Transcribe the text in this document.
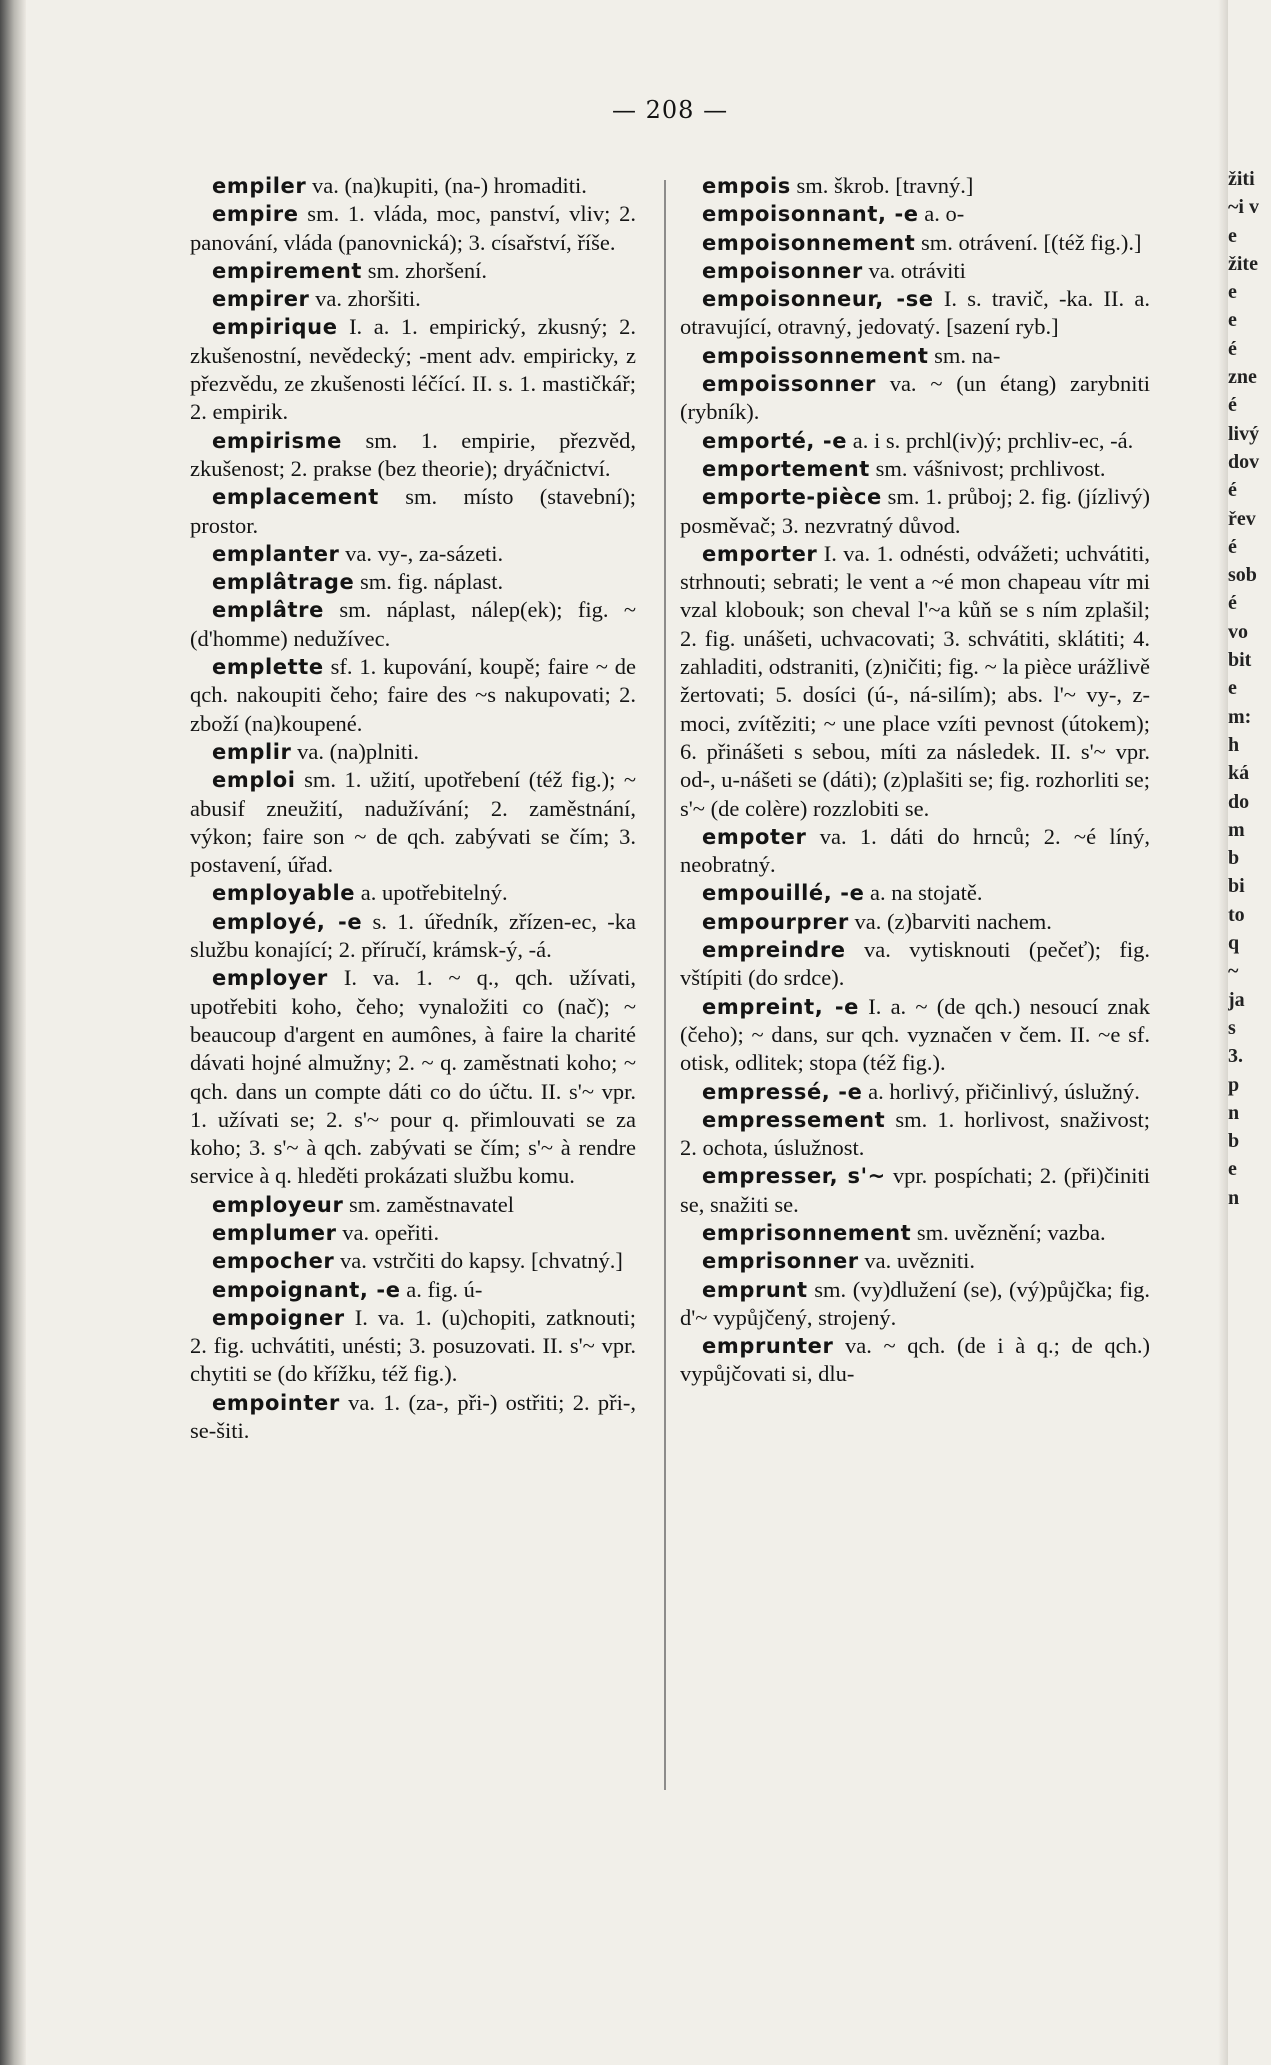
— 208 —

empiler va. (na)kupiti, (na-) hromaditi.

empire sm. 1. vláda, moc, panství, vliv; 2. panování, vláda (panovnická); 3. císařství, říše.

empirement sm. zhoršení.

empirer va. zhoršiti.

empirique I. a. 1. empirický, zkusný; 2. zkušenostní, nevědecký; -ment adv. empiricky, z přezvědu, ze zkušenosti léčící. II. s. 1. mastičkář; 2. empirik.

empirisme sm. 1. empirie, přezvěd, zkušenost; 2. prakse (bez theorie); dryáčnictví.

emplacement sm. místo (stavební); prostor.

emplanter va. vy-, za-sázeti.

emplâtrage sm. fig. náplast.

emplâtre sm. náplast, nálep(ek); fig. ~ (d'homme) nedužívec.

emplette sf. 1. kupování, koupě; faire ~ de qch. nakoupiti čeho; faire des ~s nakupovati; 2. zboží (na)koupené.

emplir va. (na)plniti.

emploi sm. 1. užití, upotřebení (též fig.); ~ abusif zneužití, nadužívání; 2. zaměstnání, výkon; faire son ~ de qch. zabývati se čím; 3. postavení, úřad.

employable a. upotřebitelný.

employé, -e s. 1. úředník, zřízen-ec, -ka službu konající; 2. příručí, krámsk-ý, -á.

employer I. va. 1. ~ q., qch. užívati, upotřebiti koho, čeho; vynaložiti co (nač); ~ beaucoup d'argent en aumônes, à faire la charité dávati hojné almužny; 2. ~ q. zaměstnati koho; ~ qch. dans un compte dáti co do účtu. II. s'~ vpr. 1. užívati se; 2. s'~ pour q. přimlouvati se za koho; 3. s'~ à qch. zabývati se čím; s'~ à rendre service à q. hleděti prokázati službu komu.

employeur sm. zaměstnavatel

emplumer va. opeřiti.

empocher va. vstrčiti do kapsy. [chvatný.]

empoignant, -e a. fig. ú-

empoigner I. va. 1. (u)chopiti, zatknouti; 2. fig. uchvátiti, unésti; 3. posuzovati. II. s'~ vpr. chytiti se (do křížku, též fig.).

empointer va. 1. (za-, při-) ostřiti; 2. při-, se-šiti.

empois sm. škrob. [travný.]

empoisonnant, -e a. o-

empoisonnement sm. otrávení. [(též fig.).]

empoisonner va. otráviti

empoisonneur, -se I. s. travič, -ka. II. a. otravující, otravný, jedovatý. [sazení ryb.]

empoissonnement sm. na-

empoissonner va. ~ (un étang) zarybniti (rybník).

emporté, -e a. i s. prchl(iv)ý; prchliv-ec, -á.

emportement sm. vášnivost; prchlivost.

emporte-pièce sm. 1. průboj; 2. fig. (jízlivý) posměvač; 3. nezvratný důvod.

emporter I. va. 1. odnésti, odvážeti; uchvátiti, strhnouti; sebrati; le vent a ~é mon chapeau vítr mi vzal klobouk; son cheval l'~a kůň se s ním zplašil; 2. fig. unášeti, uchvacovati; 3. schvátiti, sklátiti; 4. zahladiti, odstraniti, (z)ničiti; fig. ~ la pièce urážlivě žertovati; 5. dosíci (ú-, ná-silím); abs. l'~ vy-, z-moci, zvítěziti; ~ une place vzíti pevnost (útokem); 6. přinášeti s sebou, míti za následek. II. s'~ vpr. od-, u-nášeti se (dáti); (z)plašiti se; fig. rozhorliti se; s'~ (de colère) rozzlobiti se.

empoter va. 1. dáti do hrnců; 2. ~é líný, neobratný.

empouillé, -e a. na stojatě.

empourprer va. (z)barviti nachem.

empreindre va. vytisknouti (pečeť); fig. vštípiti (do srdce).

empreint, -e I. a. ~ (de qch.) nesoucí znak (čeho); ~ dans, sur qch. vyznačen v čem. II. ~e sf. otisk, odlitek; stopa (též fig.).

empressé, -e a. horlivý, přičinlivý, úslužný.

empressement sm. 1. horlivost, snaživost; 2. ochota, úslužnost.

empresser, s'~ vpr. pospíchati; 2. (při)činiti se, snažiti se.

emprisonnement sm. uvěznění; vazba.

emprisonner va. uvězniti.

emprunt sm. (vy)dlužení (se), (vý)půjčka; fig. d'~ vypůjčený, strojený.

emprunter va. ~ qch. (de i à q.; de qch.) vypůjčovati si, dlu-

žiti
~i v
e
žite
e
e
é
zne
é
livý
dov
é
řev
é
sob
é
vo
bit
e
m:
h
ká
do
m
b
bi
to
q
~
ja
s
3.
p
n
b
e
n
